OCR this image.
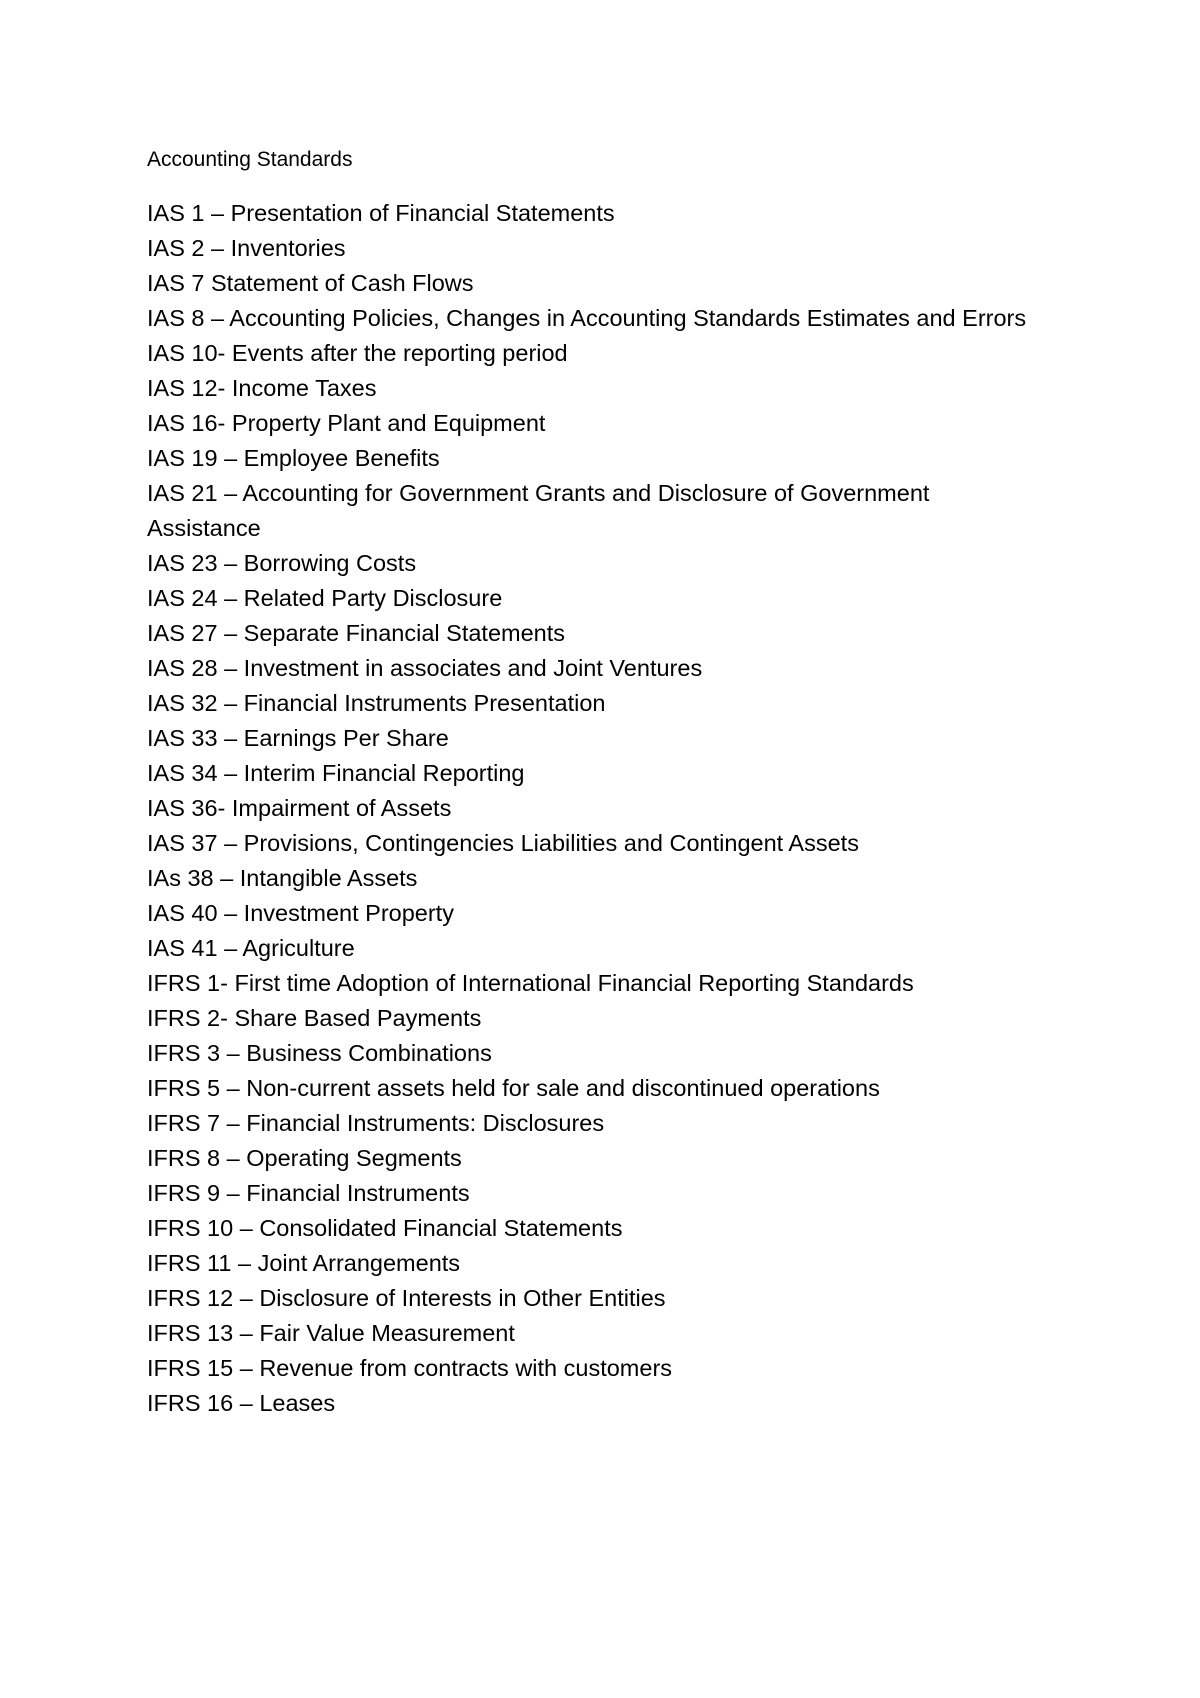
Accounting Standards
IAS 1 – Presentation of Financial Statements
IAS 2 – Inventories
IAS 7 Statement of Cash Flows
IAS 8 – Accounting Policies, Changes in Accounting Standards Estimates and Errors
IAS 10- Events after the reporting period
IAS 12- Income Taxes
IAS 16- Property Plant and Equipment
IAS 19 – Employee Benefits
IAS 21 – Accounting for Government Grants and Disclosure of Government Assistance
IAS 23 – Borrowing Costs
IAS 24 – Related Party Disclosure
IAS 27 – Separate Financial Statements
IAS 28 – Investment in associates and Joint Ventures
IAS 32 – Financial Instruments Presentation
IAS 33 – Earnings Per Share
IAS 34 – Interim Financial Reporting
IAS 36- Impairment of Assets
IAS 37 – Provisions, Contingencies Liabilities and Contingent Assets
IAs 38 – Intangible Assets
IAS 40 – Investment Property
IAS 41 – Agriculture
IFRS 1- First time Adoption of International Financial Reporting Standards
IFRS 2- Share Based Payments
IFRS 3 – Business Combinations
IFRS 5 – Non-current assets held for sale and discontinued operations
IFRS 7 – Financial Instruments: Disclosures
IFRS 8 – Operating Segments
IFRS 9 – Financial Instruments
IFRS 10 – Consolidated Financial Statements
IFRS 11 – Joint Arrangements
IFRS 12 – Disclosure of Interests in Other Entities
IFRS 13 – Fair Value Measurement
IFRS 15 – Revenue from contracts with customers
IFRS 16 – Leases
